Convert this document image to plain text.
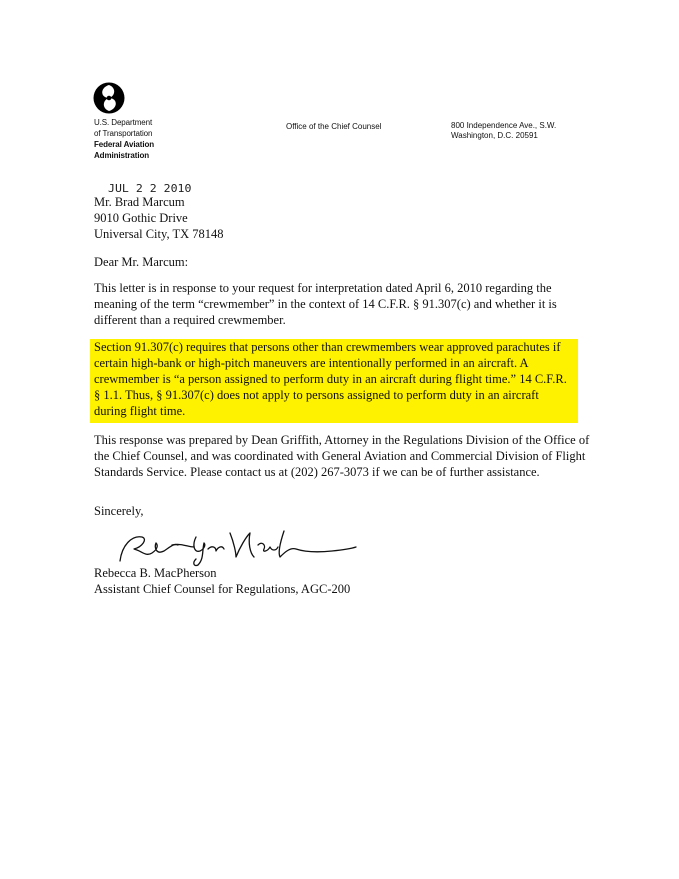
U.S. Department
of Transportation
Federal Aviation
Administration
Office of the Chief Counsel	800 Independence Ave., S.W.
Washington, D.C. 20591
JUL 2 2 2010
Mr. Brad Marcum
9010 Gothic Drive
Universal City, TX 78148
Dear Mr. Marcum:
This letter is in response to your request for interpretation dated April 6, 2010 regarding the meaning of the term “crewmember” in the context of 14 C.F.R. § 91.307(c) and whether it is different than a required crewmember.
Section 91.307(c) requires that persons other than crewmembers wear approved parachutes if certain high-bank or high-pitch maneuvers are intentionally performed in an aircraft. A crewmember is “a person assigned to perform duty in an aircraft during flight time.” 14 C.F.R. § 1.1. Thus, § 91.307(c) does not apply to persons assigned to perform duty in an aircraft during flight time.
This response was prepared by Dean Griffith, Attorney in the Regulations Division of the Office of the Chief Counsel, and was coordinated with General Aviation and Commercial Division of Flight Standards Service. Please contact us at (202) 267-3073 if we can be of further assistance.
Sincerely,
Rebecca B. MacPherson
Assistant Chief Counsel for Regulations, AGC-200
